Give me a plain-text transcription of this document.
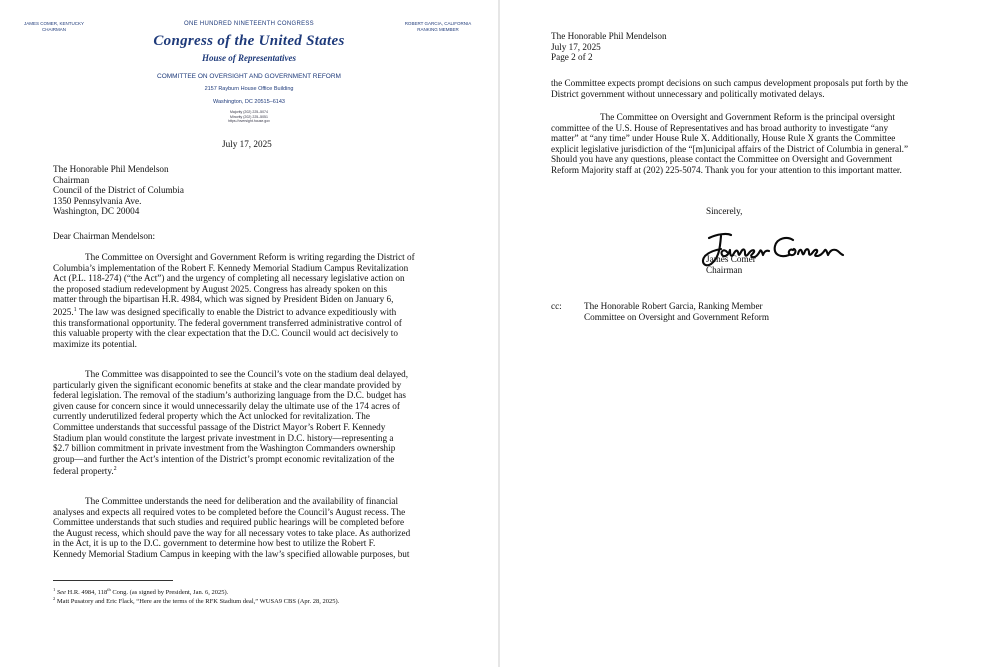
JAMES COMER, KENTUCKY
CHAIRMAN
ROBERT GARCIA, CALIFORNIA
RANKING MEMBER
ONE HUNDRED NINETEENTH CONGRESS
Congress of the United States
House of Representatives
COMMITTEE ON OVERSIGHT AND GOVERNMENT REFORM
2157 Rayburn House Office Building
Washington, DC 20515–6143
Majority (202) 225–5074
Minority (202) 225–5051
https://oversight.house.gov
July 17, 2025
The Honorable Phil Mendelson
Chairman
Council of the District of Columbia
1350 Pennsylvania Ave.
Washington, DC 20004
Dear Chairman Mendelson:
The Committee on Oversight and Government Reform is writing regarding the District of
Columbia’s implementation of the Robert F. Kennedy Memorial Stadium Campus Revitalization
Act (P.L. 118-274) (“the Act”) and the urgency of completing all necessary legislative action on
the proposed stadium redevelopment by August 2025. Congress has already spoken on this
matter through the bipartisan H.R. 4984, which was signed by President Biden on January 6,
2025.$^1$ The law was designed specifically to enable the District to advance expeditiously with
this transformational opportunity. The federal government transferred administrative control of
this valuable property with the clear expectation that the D.C. Council would act decisively to
maximize its potential.
The Committee was disappointed to see the Council’s vote on the stadium deal delayed,
particularly given the significant economic benefits at stake and the clear mandate provided by
federal legislation. The removal of the stadium’s authorizing language from the D.C. budget has
given cause for concern since it would unnecessarily delay the ultimate use of the 174 acres of
currently underutilized federal property which the Act unlocked for revitalization. The
Committee understands that successful passage of the District Mayor’s Robert F. Kennedy
Stadium plan would constitute the largest private investment in D.C. history—representing a
$2.7 billion commitment in private investment from the Washington Commanders ownership
group—and further the Act’s intention of the District’s prompt economic revitalization of the
federal property.$^2$
The Committee understands the need for deliberation and the availability of financial
analyses and expects all required votes to be completed before the Council’s August recess. The
Committee understands that such studies and required public hearings will be completed before
the August recess, which should pave the way for all necessary votes to take place. As authorized
in the Act, it is up to the D.C. government to determine how best to utilize the Robert F.
Kennedy Memorial Stadium Campus in keeping with the law’s specified allowable purposes, but
$^1$ See H.R. 4984, 118th Cong. (as signed by President, Jan. 6, 2025).
$^2$ Matt Pusatory and Eric Flack, “Here are the terms of the RFK Stadium deal,” WUSA9 CBS (Apr. 28, 2025).
The Honorable Phil Mendelson
July 17, 2025
Page 2 of 2
the Committee expects prompt decisions on such campus development proposals put forth by the
District government without unnecessary and politically motivated delays.
The Committee on Oversight and Government Reform is the principal oversight
committee of the U.S. House of Representatives and has broad authority to investigate “any
matter” at “any time” under House Rule X. Additionally, House Rule X grants the Committee
explicit legislative jurisdiction of the “[m]unicipal affairs of the District of Columbia in general.”
Should you have any questions, please contact the Committee on Oversight and Government
Reform Majority staff at (202) 225-5074. Thank you for your attention to this important matter.
Sincerely,
James Comer
Chairman
cc: The Honorable Robert Garcia, Ranking Member
Committee on Oversight and Government Reform
